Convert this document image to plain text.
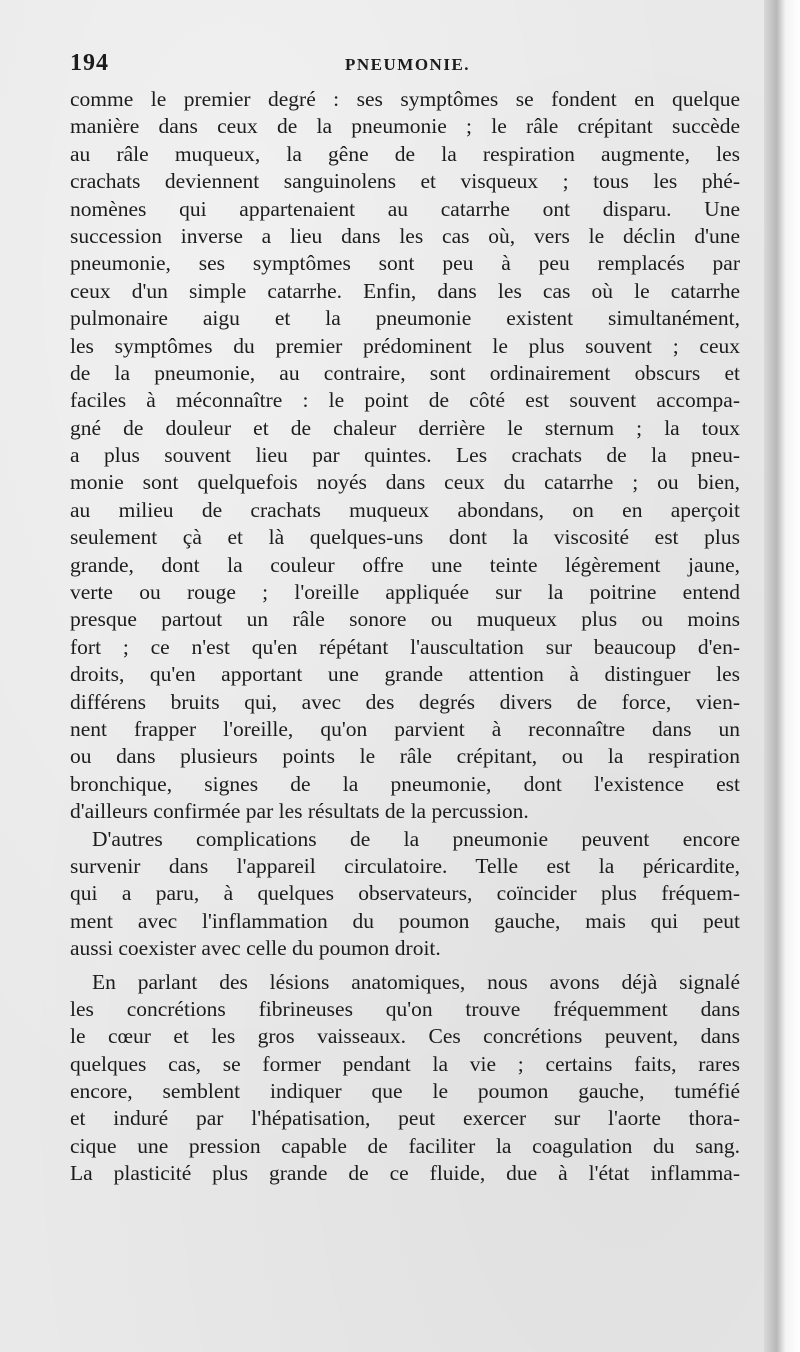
194	PNEUMONIE.
comme le premier degré : ses symptômes se fondent en quelque
manière dans ceux de la pneumonie ; le râle crépitant succède
au râle muqueux, la gêne de la respiration augmente, les
crachats deviennent sanguinolens et visqueux ; tous les phé-
nomènes qui appartenaient au catarrhe ont disparu. Une
succession inverse a lieu dans les cas où, vers le déclin d'une
pneumonie, ses symptômes sont peu à peu remplacés par
ceux d'un simple catarrhe. Enfin, dans les cas où le catarrhe
pulmonaire aigu et la pneumonie existent simultanément,
les symptômes du premier prédominent le plus souvent ; ceux
de la pneumonie, au contraire, sont ordinairement obscurs et
faciles à méconnaître : le point de côté est souvent accompa-
gné de douleur et de chaleur derrière le sternum ; la toux
a plus souvent lieu par quintes. Les crachats de la pneu-
monie sont quelquefois noyés dans ceux du catarrhe ; ou bien,
au milieu de crachats muqueux abondans, on en aperçoit
seulement çà et là quelques-uns dont la viscosité est plus
grande, dont la couleur offre une teinte légèrement jaune,
verte ou rouge ; l'oreille appliquée sur la poitrine entend
presque partout un râle sonore ou muqueux plus ou moins
fort ; ce n'est qu'en répétant l'auscultation sur beaucoup d'en-
droits, qu'en apportant une grande attention à distinguer les
différens bruits qui, avec des degrés divers de force, vien-
nent frapper l'oreille, qu'on parvient à reconnaître dans un
ou dans plusieurs points le râle crépitant, ou la respiration
bronchique, signes de la pneumonie, dont l'existence est
d'ailleurs confirmée par les résultats de la percussion.
D'autres complications de la pneumonie peuvent encore
survenir dans l'appareil circulatoire. Telle est la péricardite,
qui a paru, à quelques observateurs, coïncider plus fréquem-
ment avec l'inflammation du poumon gauche, mais qui peut
aussi coexister avec celle du poumon droit.
En parlant des lésions anatomiques, nous avons déjà signalé
les concrétions fibrineuses qu'on trouve fréquemment dans
le cœur et les gros vaisseaux. Ces concrétions peuvent, dans
quelques cas, se former pendant la vie ; certains faits, rares
encore, semblent indiquer que le poumon gauche, tuméfié
et induré par l'hépatisation, peut exercer sur l'aorte thora-
cique une pression capable de faciliter la coagulation du sang.
La plasticité plus grande de ce fluide, due à l'état inflamma-
